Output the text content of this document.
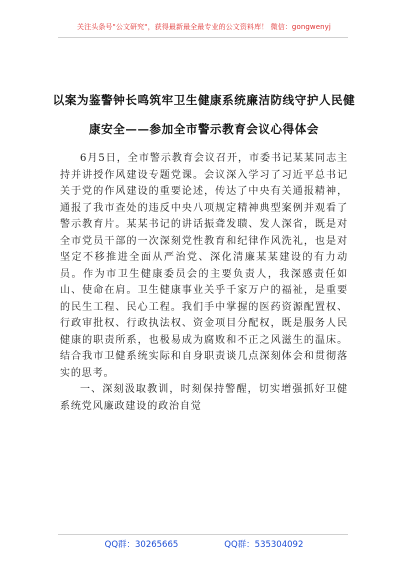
关注头条号"公文研究"，获得最新最全最专业的公文资料库！ 微信：gongwenyj
以案为鉴警钟长鸣筑牢卫生健康系统廉洁防线守护人民健
康安全——参加全市警示教育会议心得体会

6月5日，全市警示教育会议召开，市委书记某某同志主持并讲授作风建设专题党课。会议深入学习了习近平总书记关于党的作风建设的重要论述，传达了中央有关通报精神，通报了我市查处的违反中央八项规定精神典型案例并观看了警示教育片。某某书记的讲话振聋发聩、发人深省，既是对全市党员干部的一次深刻党性教育和纪律作风洗礼，也是对坚定不移推进全面从严治党、深化清廉某某建设的有力动员。作为市卫生健康委员会的主要负责人，我深感责任如山、使命在肩。卫生健康事业关乎千家万户的福祉，是重要的民生工程、民心工程。我们手中掌握的医药资源配置权、行政审批权、行政执法权、资金项目分配权，既是服务人民健康的职责所系，也极易成为腐败和不正之风滋生的温床。结合我市卫健系统实际和自身职责谈几点深刻体会和贯彻落实的思考。

一、深刻汲取教训，时刻保持警醒，切实增强抓好卫健系统党风廉政建设的政治自觉

QQ群：30265665	QQ群：535304092
